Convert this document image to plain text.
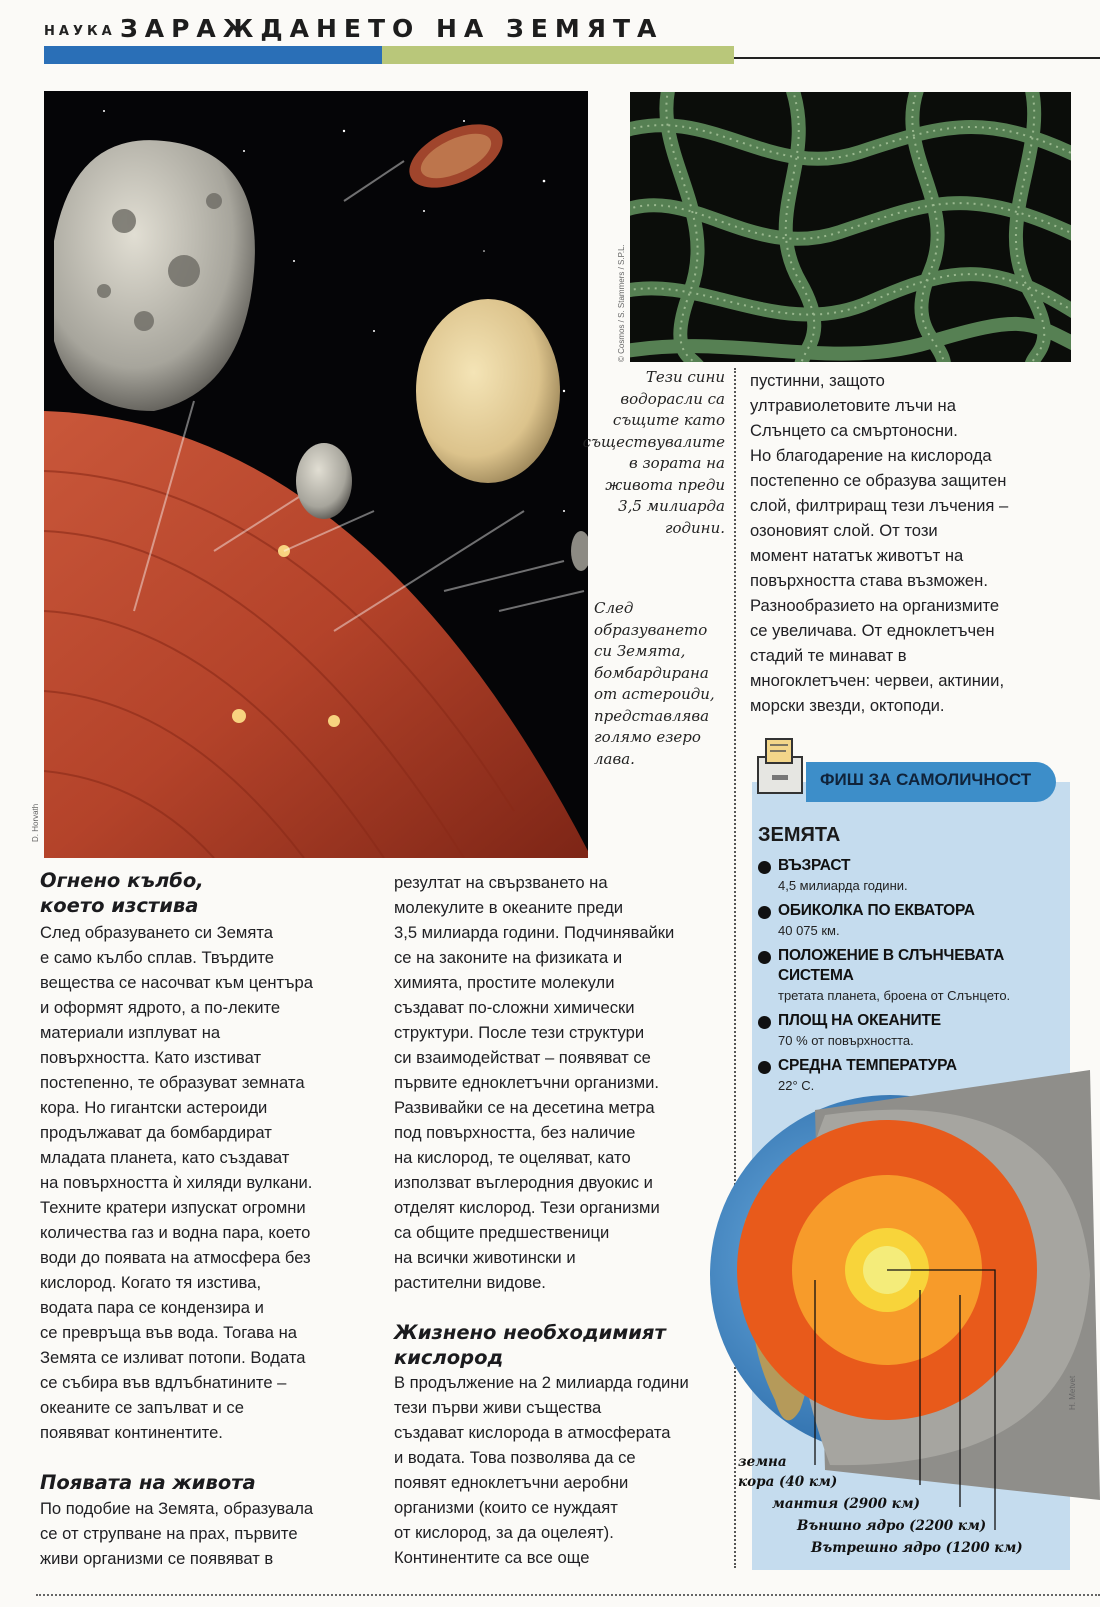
НАУКА ЗАРАЖДАНЕТО НА ЗЕМЯТА
D. Horvath
© Cosmos / S. Stammers / S.P.L.
Тези сини
водорасли са
същите като
съществувалите
в зората на
живота преди
3,5 милиарда
години.
След
образуването
си Земята,
бомбардирана
от астероиди,
представлява
голямо езеро
лава.

пустинни, защото

ултравиолетовите лъчи на

Слънцето са смъртоносни.

Но благодарение на кислорода

постепенно се образува защитен

слой, филтриращ тези лъчения –

озоновият слой. От този

момент нататък животът на

повърхността става възможен.

Разнообразието на организмите

се увеличава. От едноклетъчен

стадий те минават в

многоклетъчен: червеи, актинии,

морски звезди, октоподи.

Огнено кълбо,
което изстива

След образуването си Земята

е само кълбо сплав. Твърдите

вещества се насочват към центъра

и оформят ядрото, а по-леките

материали изплуват на

повърхността. Като изстиват

постепенно, те образуват земната

кора. Но гигантски астероиди

продължават да бомбардират

младата планета, като създават

на повърхността ѝ хиляди вулкани.

Техните кратери изпускат огромни

количества газ и водна пара, което

води до появата на атмосфера без

кислород. Когато тя изстива,

водата пара се кондензира и

се превръща във вода. Тогава на

Земята се изливат потопи. Водата

се събира във вдлъбнатините –

океаните се запълват и се

появяват континентите.

Появата на живота

По подобие на Земята, образувала

се от струпване на прах, първите

живи организми се появяват в

резултат на свързването на

молекулите в океаните преди

3,5 милиарда години. Подчинявайки

се на законите на физиката и

химията, простите молекули

създават по-сложни химически

структури. После тези структури

си взаимодействат – появяват се

първите едноклетъчни организми.

Развивайки се на десетина метра

под повърхността, без наличие

на кислород, те оцеляват, като

използват въглеродния двуокис и

отделят кислород. Тези организми

са общите предшественици

на всички животински и

растителни видове.

Жизнено необходимият
кислород

В продължение на 2 милиарда години

тези първи живи същества

създават кислорода в атмосферата

и водата. Това позволява да се

появят едноклетъчни аеробни

организми (които се нуждаят

от кислород, за да оцелеят).

Континентите са все още

ФИШ ЗА САМОЛИЧНОСТ
ЗЕМЯТА
ВЪЗРАСТ
4,5 милиарда години.
ОБИКОЛКА ПО ЕКВАТОРА
40 075 км.
ПОЛОЖЕНИЕ В СЛЪНЧЕВАТА СИСТЕМА
третата планета, броена от Слънцето.
ПЛОЩ НА ОКЕАНИТЕ
70 % от повърхността.
СРЕДНА ТЕМПЕРАТУРА
22° С.
земна
кора (40 км)
мантия (2900 км)
Външно ядро (2200 км)
Вътрешно ядро (1200 км)
H. Metvet
